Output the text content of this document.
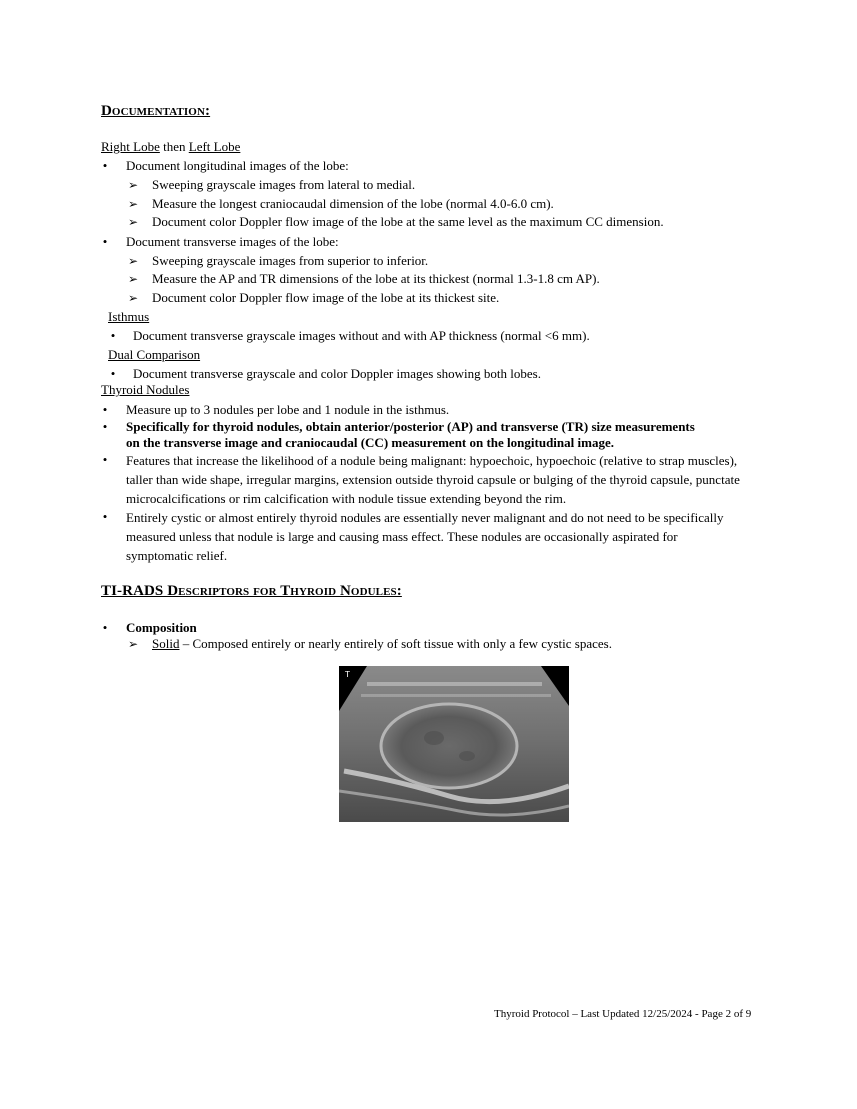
Documentation:
Right Lobe then Left Lobe
• Document longitudinal images of the lobe:
➢ Sweeping grayscale images from lateral to medial.
➢ Measure the longest craniocaudal dimension of the lobe (normal 4.0-6.0 cm).
➢ Document color Doppler flow image of the lobe at the same level as the maximum CC dimension.
• Document transverse images of the lobe:
➢ Sweeping grayscale images from superior to inferior.
➢ Measure the AP and TR dimensions of the lobe at its thickest (normal 1.3-1.8 cm AP).
➢ Document color Doppler flow image of the lobe at its thickest site.
Isthmus
• Document transverse grayscale images without and with AP thickness (normal <6 mm).
Dual Comparison
• Document transverse grayscale and color Doppler images showing both lobes.
Thyroid Nodules
• Measure up to 3 nodules per lobe and 1 nodule in the isthmus.
• Specifically for thyroid nodules, obtain anterior/posterior (AP) and transverse (TR) size measurements
on the transverse image and craniocaudal (CC) measurement on the longitudinal image.
• Features that increase the likelihood of a nodule being malignant: hypoechoic, hypoechoic (relative to strap muscles), taller than wide shape, irregular margins, extension outside thyroid capsule or bulging of the thyroid capsule, punctate microcalcifications or rim calcification with nodule tissue extending beyond the rim.
• Entirely cystic or almost entirely thyroid nodules are essentially never malignant and do not need to be specifically measured unless that nodule is large and causing mass effect. These nodules are occasionally aspirated for symptomatic relief.
TI-RADS Descriptors for Thyroid Nodules:
• Composition
➢ Solid – Composed entirely or nearly entirely of soft tissue with only a few cystic spaces.
T
Thyroid Protocol – Last Updated 12/25/2024 - Page 2 of 9
